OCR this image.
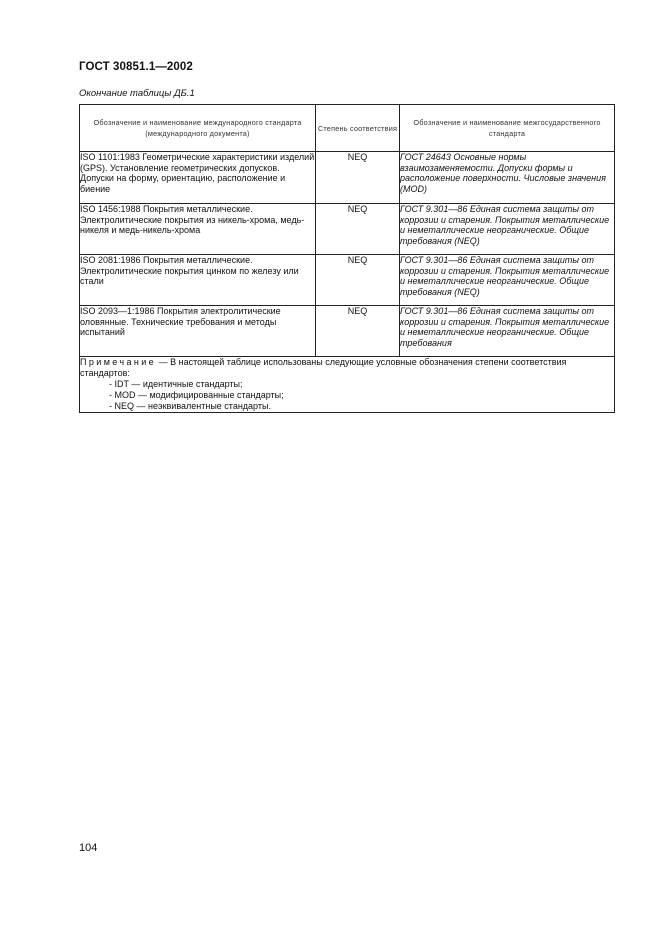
ГОСТ 30851.1—2002
Окончание таблицы ДБ.1
Обозначение и наименование международного стандарта (международного документа)	Степень соответствия	Обозначение и наименование межгосударственного стандарта
ISO 1101:1983 Геометрические характеристики изделий (GPS). Установление геометрических допусков. Допуски на форму, ориентацию, расположение и биение	NEQ	ГОСТ 24643 Основные нормы взаимозаменяемости. Допуски формы и расположение поверхности. Числовые значения (MOD)
ISO 1456:1988 Покрытия металлические. Электролитические покрытия из никель-хрома, медь-никеля и медь-никель-хрома	NEQ	ГОСТ 9.301—86 Единая система защиты от коррозии и старения. Покрытия металлические и неметаллические неорганические. Общие требования (NEQ)
ISO 2081:1986 Покрытия металлические. Электролитические покрытия цинком по железу или стали	NEQ	ГОСТ 9.301—86 Единая система защиты от коррозии и старения. Покрытия металлические и неметаллические неорганические. Общие требования (NEQ)
ISO 2093—1:1986 Покрытия электролитические оловянные. Технические требования и методы испытаний	NEQ	ГОСТ 9.301—86 Единая система защиты от коррозии и старения. Покрытия металлические и неметаллические неорганические. Общие требования

Примечание — В настоящей таблице использованы следующие условные обозначения степени соответствия стандартов:
- IDT — идентичные стандарты;
- MOD — модифицированные стандарты;
- NEQ — неэквивалентные стандарты.		
104
